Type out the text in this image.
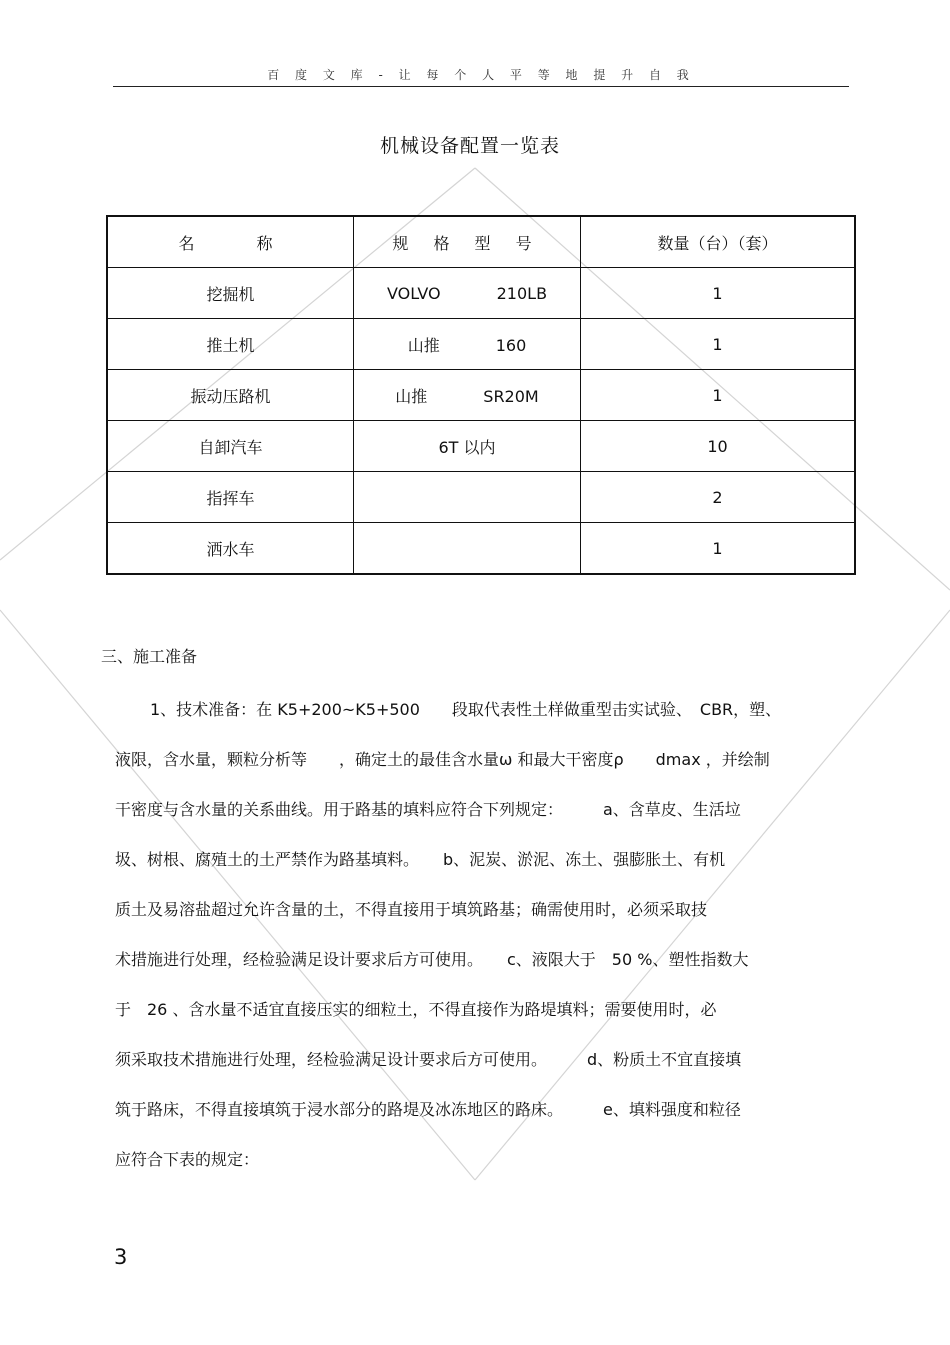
百 度 文 库 - 让 每 个 人 平 等 地 提 升 自 我
机械设备配置一览表
名　　称	规 格 型 号	数量（台）（套）
挖掘机	VOLVO 210LB	1
推土机	山推 160	1
振动压路机	山推 SR20M	1
自卸汽车	6T 以内	10
指挥车		2
洒水车		1
三、施工准备

1、技术准备：在 K5+200~K5+500　　段取代表性土样做重型击实试验、　CBR，塑、

液限，含水量，颗粒分析等　　，确定土的最佳含水量ω 和最大干密度ρ　　dmax ，并绘制

干密度与含水量的关系曲线。用于路基的填料应符合下列规定：　　　a、含草皮、生活垃

圾、树根、腐殖土的土严禁作为路基填料。　　b、泥炭、淤泥、冻土、强膨胀土、有机

质土及易溶盐超过允许含量的土，不得直接用于填筑路基；确需使用时，必须采取技

术措施进行处理，经检验满足设计要求后方可使用。　　c、液限大于　50 %、塑性指数大

于　26 、含水量不适宜直接压实的细粒土，不得直接作为路堤填料；需要使用时，必

须采取技术措施进行处理，经检验满足设计要求后方可使用。　　　d、粉质土不宜直接填

筑于路床，不得直接填筑于浸水部分的路堤及冰冻地区的路床。　　　e、填料强度和粒径

应符合下表的规定：

3
